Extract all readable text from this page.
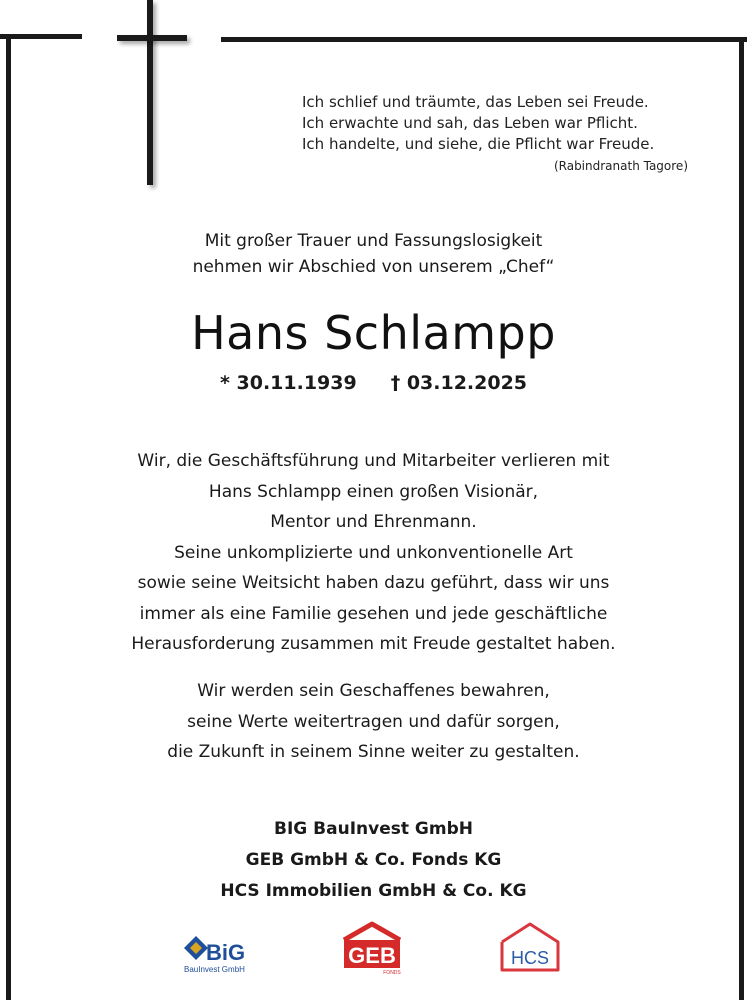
Ich schlief und träumte, das Leben sei Freude.
Ich erwachte und sah, das Leben war Pflicht.
Ich handelte, und siehe, die Pflicht war Freude.
(Rabindranath Tagore)
Mit großer Trauer und Fassungslosigkeit
nehmen wir Abschied von unserem „Chef“
Hans Schlampp
* 30.11.1939 † 03.12.2025
Wir, die Geschäftsführung und Mitarbeiter verlieren mit
Hans Schlampp einen großen Visionär,
Mentor und Ehrenmann.
Seine unkomplizierte und unkonventionelle Art
sowie seine Weitsicht haben dazu geführt, dass wir uns
immer als eine Familie gesehen und jede geschäftliche
Herausforderung zusammen mit Freude gestaltet haben.
Wir werden sein Geschaffenes bewahren,
seine Werte weitertragen und dafür sorgen,
die Zukunft in seinem Sinne weiter zu gestalten.
BIG BauInvest GmbH
GEB GmbH & Co. Fonds KG
HCS Immobilien GmbH & Co. KG
BiG
BauInvest GmbH
GEB
FONDS
HCS
